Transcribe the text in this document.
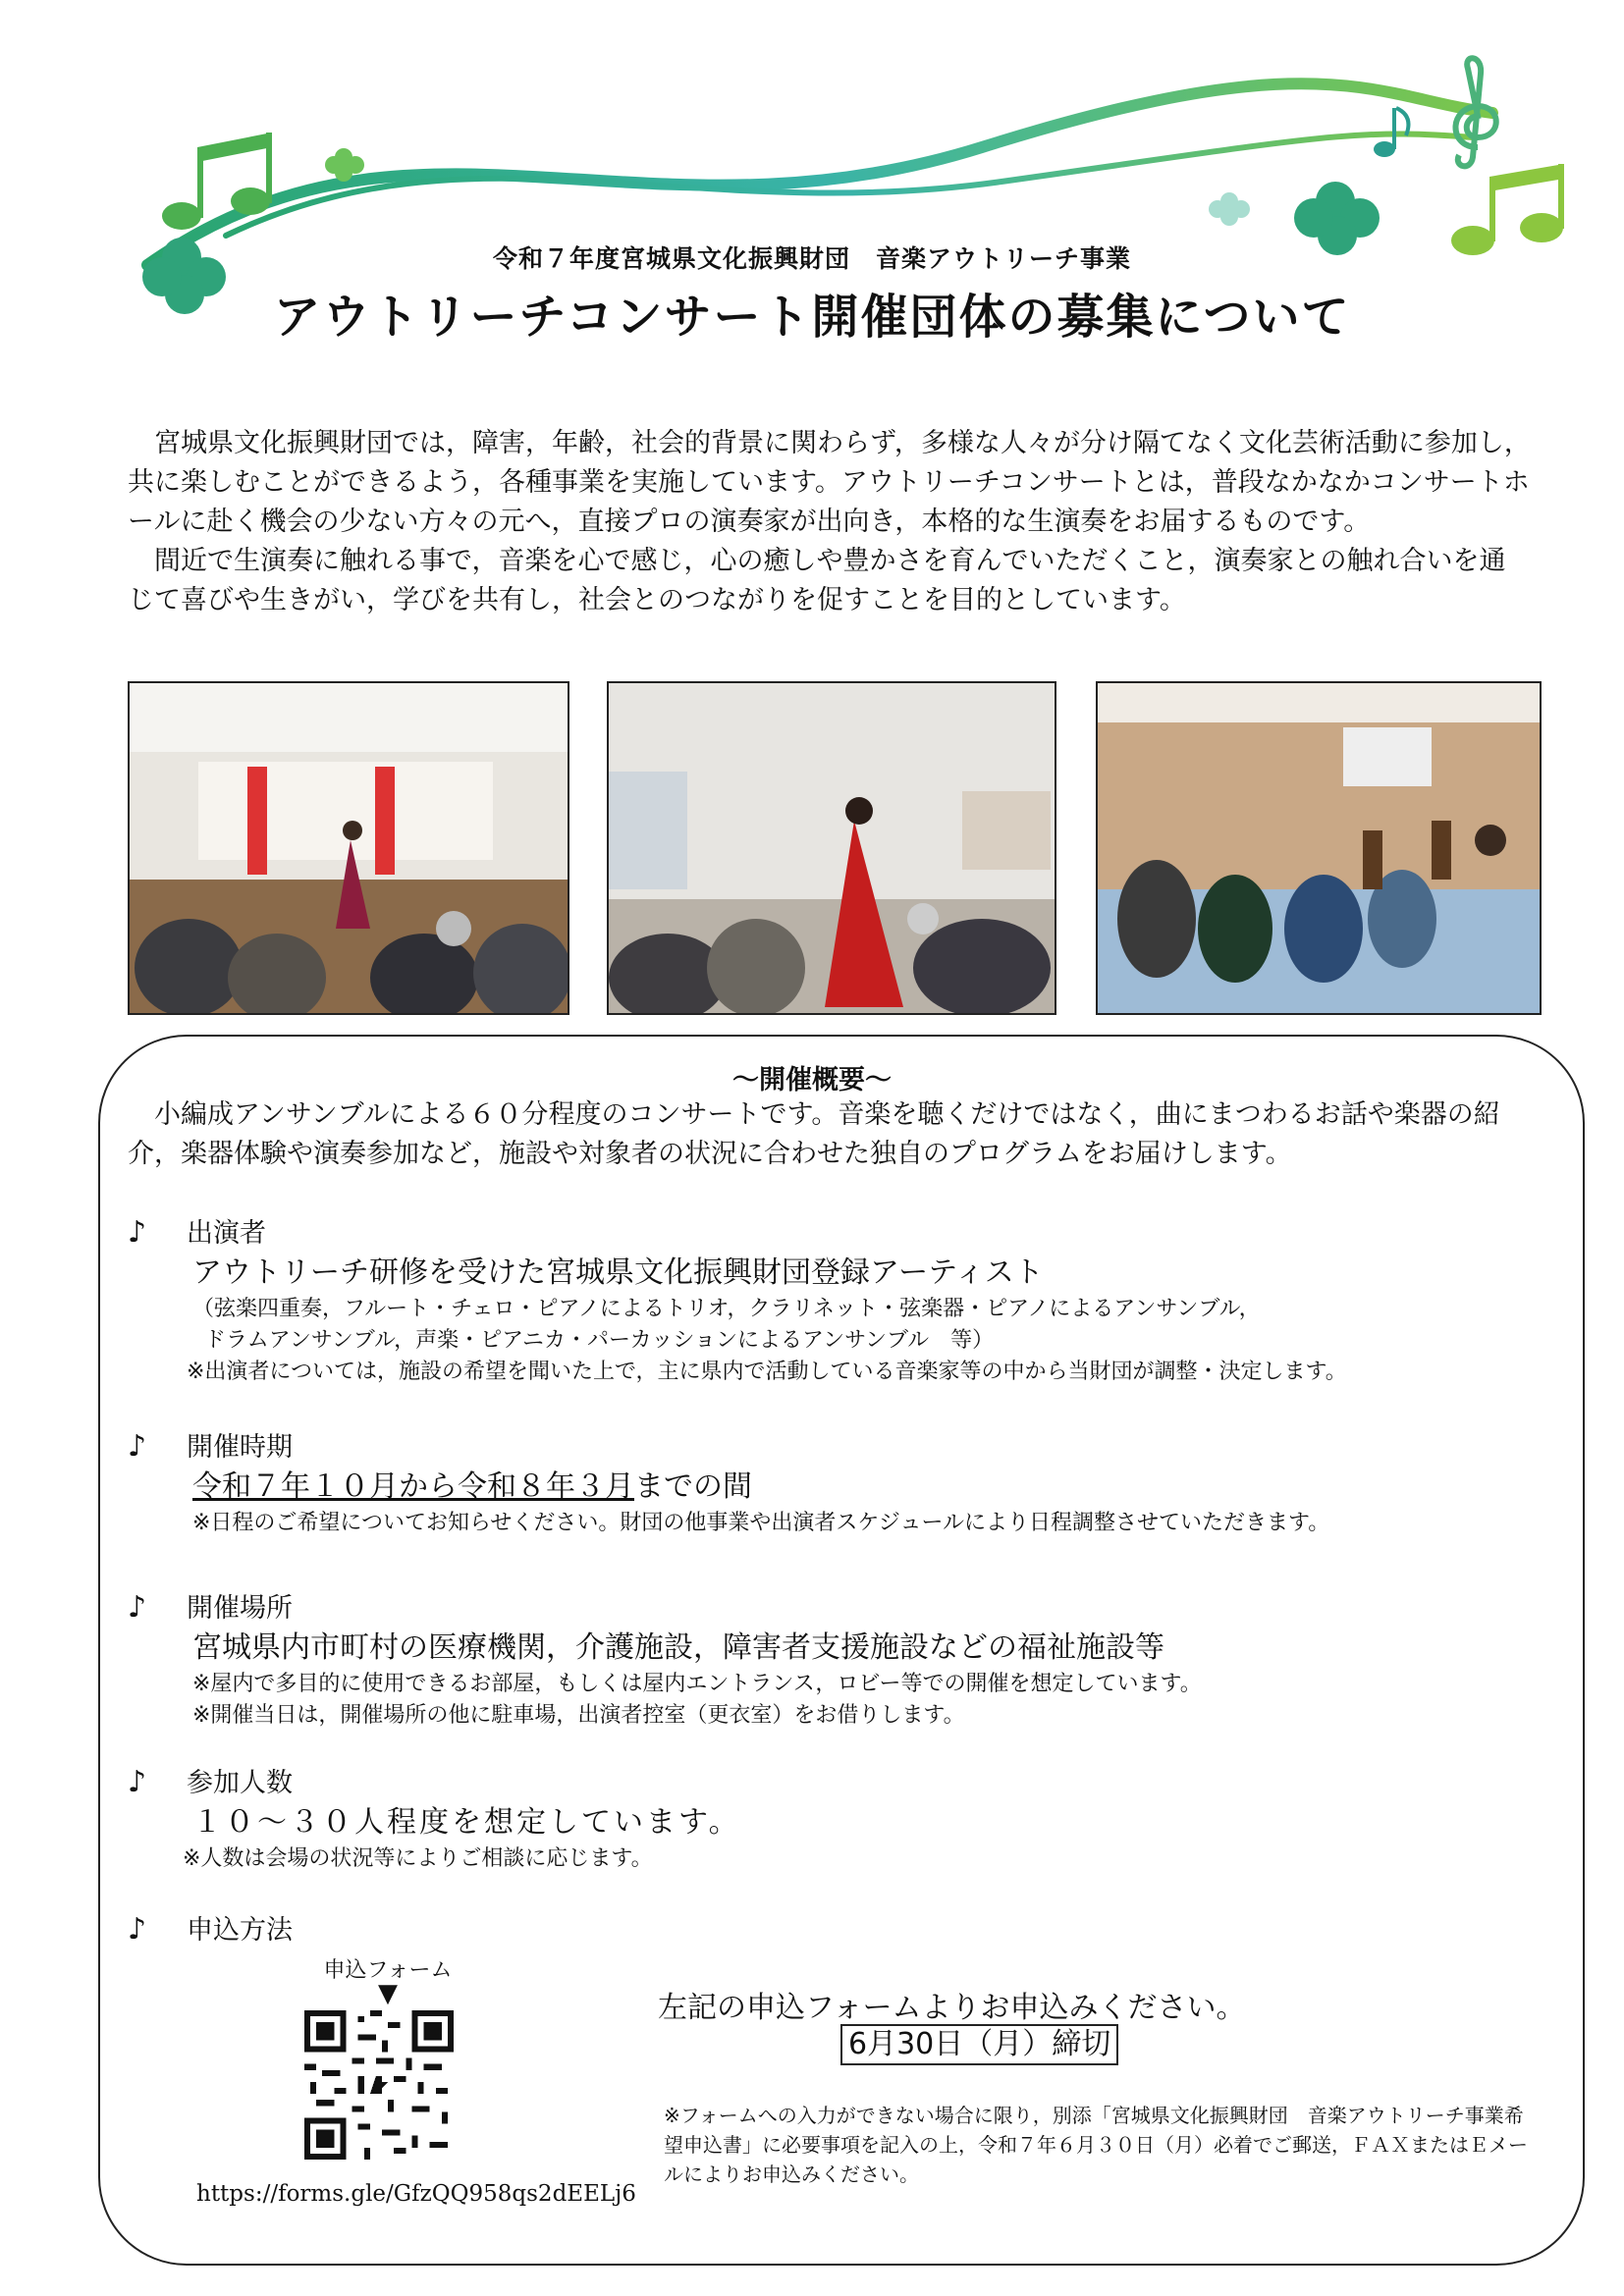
令和７年度宮城県文化振興財団　音楽アウトリーチ事業
アウトリーチコンサート開催団体の募集について

宮城県文化振興財団では，障害，年齢，社会的背景に関わらず，多様な人々が分け隔てなく文化芸術活動に参加し，共に楽しむことができるよう，各種事業を実施しています。アウトリーチコンサートとは，普段なかなかコンサートホールに赴く機会の少ない方々の元へ，直接プロの演奏家が出向き，本格的な生演奏をお届するものです。

間近で生演奏に触れる事で，音楽を心で感じ，心の癒しや豊かさを育んでいただくこと，演奏家との触れ合いを通じて喜びや生きがい，学びを共有し，社会とのつながりを促すことを目的としています。

～開催概要～

小編成アンサンブルによる６０分程度のコンサートです。音楽を聴くだけではなく，曲にまつわるお話や楽器の紹介，楽器体験や演奏参加など，施設や対象者の状況に合わせた独自のプログラムをお届けします。

♪ 出演者
アウトリーチ研修を受けた宮城県文化振興財団登録アーティスト
（弦楽四重奏，フルート・チェロ・ピアノによるトリオ，クラリネット・弦楽器・ピアノによるアンサンブル，
ドラムアンサンブル，声楽・ピアニカ・パーカッションによるアンサンブル　等）
※出演者については，施設の希望を聞いた上で，主に県内で活動している音楽家等の中から当財団が調整・決定します。
♪ 開催時期
令和７年１０月から令和８年３月までの間
※日程のご希望についてお知らせください。財団の他事業や出演者スケジュールにより日程調整させていただきます。
♪ 開催場所
宮城県内市町村の医療機関，介護施設，障害者支援施設などの福祉施設等
※屋内で多目的に使用できるお部屋，もしくは屋内エントランス，ロビー等での開催を想定しています。
※開催当日は，開催場所の他に駐車場，出演者控室（更衣室）をお借りします。
♪ 参加人数
１０～３０人程度を想定しています。
※人数は会場の状況等によりご相談に応じます。
♪ 申込方法
申込フォーム
▼
https://forms.gle/GfzQQ958qs2dEELj6
左記の申込フォームよりお申込みください。
6月30日（月）締切
※フォームへの入力ができない場合に限り，別添「宮城県文化振興財団　音楽アウトリーチ事業希望申込書」に必要事項を記入の上，令和７年６月３０日（月）必着でご郵送，ＦＡＸまたはＥメールによりお申込みください。
